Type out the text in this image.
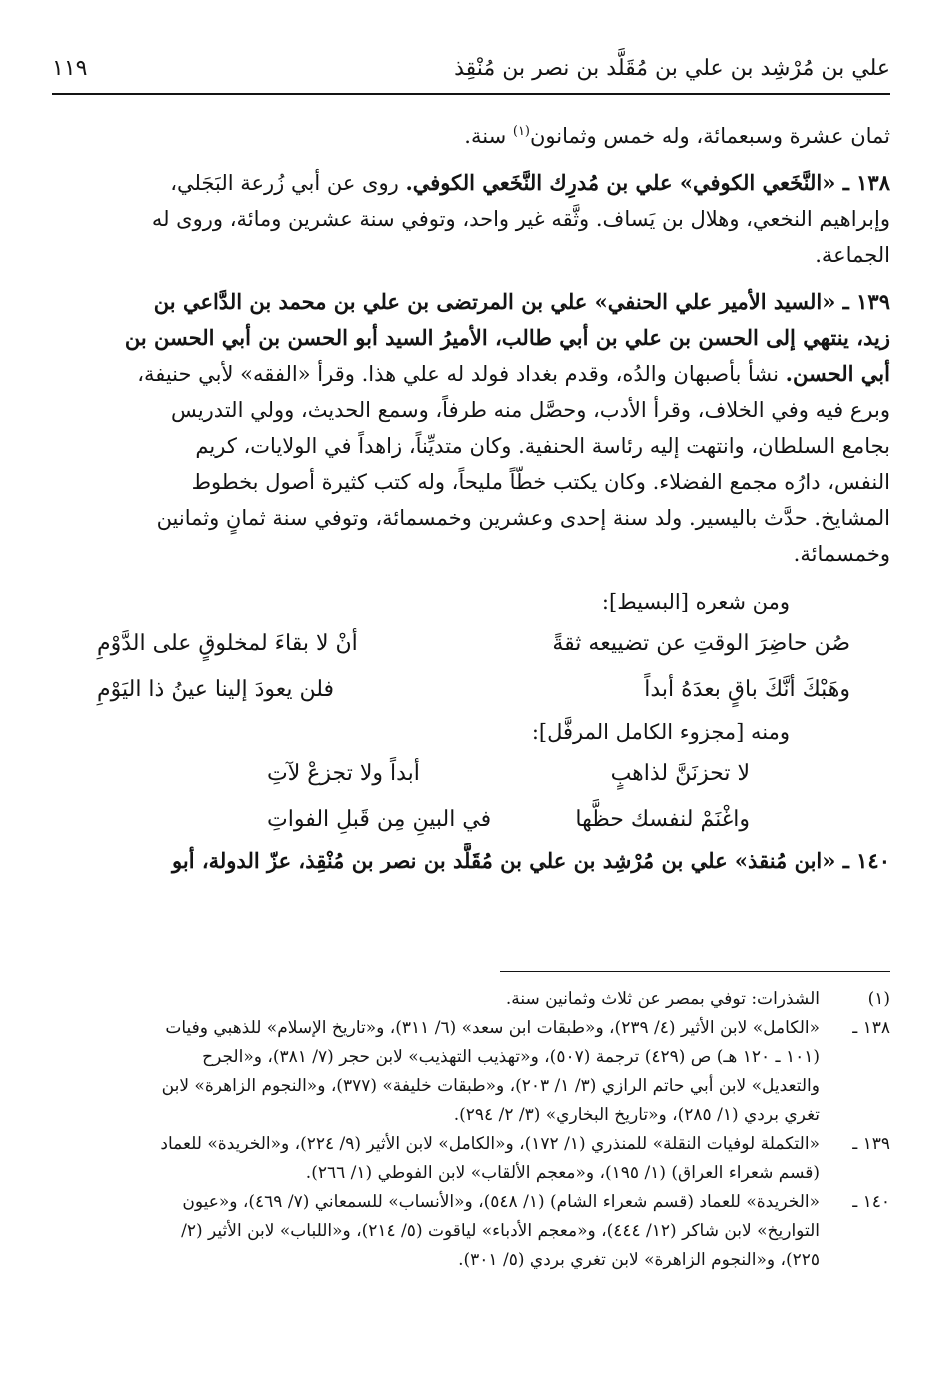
علي بن مُرْشِد بن علي بن مُقَلَّد بن نصر بن مُنْقِذ
١١٩

ثمان عشرة وسبعمائة، وله خمس وثمانون$^{(١)}$ سنة.

١٣٨ ـ «النَّخَعي الكوفي» علي بن مُدرِك النَّخَعي الكوفي. روى عن أبي زُرعة البَجَلي،

وإبراهيم النخعي، وهلال بن يَساف. وثَّقه غير واحد، وتوفي سنة عشرين ومائة، وروى له

الجماعة.

١٣٩ ـ «السيد الأمير علي الحنفي» علي بن المرتضى بن علي بن محمد بن الدَّاعي بن

زيد، ينتهي إلى الحسن بن علي بن أبي طالب، الأميرُ السيد أبو الحسن بن أبي الحسن بن

أبي الحسن. نشأ بأصبهان والدُه، وقدم بغداد فولد له علي هذا. وقرأ «الفقه» لأبي حنيفة،

وبرع فيه وفي الخلاف، وقرأ الأدب، وحصَّل منه طرفاً، وسمع الحديث، وولي التدريس

بجامع السلطان، وانتهت إليه رئاسة الحنفية. وكان متديِّناً، زاهداً في الولايات، كريم

النفس، دارُه مجمع الفضلاء. وكان يكتب خطّاً مليحاً، وله كتب كثيرة أصول بخطوط

المشايخ. حدَّث باليسير. ولد سنة إحدى وعشرين وخمسمائة، وتوفي سنة ثمانٍ وثمانين

وخمسمائة.

ومن شعره [البسيط]:
صُن حاضِرَ الوقتِ عن تضييعه ثقةً
أنْ لا بقاءَ لمخلوقٍ على الدَّوْمِ
وهَبْكَ أنَّكَ باقٍ بعدَهُ أبداً
فلن يعودَ إلينا عينُ ذا اليَوْمِ
ومنه [مجزوء الكامل المرفَّل]:
لا تحزنَنَّ لذاهبٍ
أبداً ولا تجزعْ لآتِ
واغْنَمْ لنفسك حظَّها
في البينِ مِن قَبلِ الفواتِ

١٤٠ ـ «ابن مُنقذ» علي بن مُرْشِد بن علي بن مُقَلَّد بن نصر بن مُنْقِذ، عزّ الدولة، أبو

(١)
الشذرات: توفي بمصر عن ثلاث وثمانين سنة.
١٣٨ ـ
«الكامل» لابن الأثير (٤/ ٢٣٩)، و«طبقات ابن سعد» (٦/ ٣١١)، و«تاريخ الإسلام» للذهبي وفيات
(١٠١ ـ ١٢٠ هـ) ص (٤٢٩) ترجمة (٥٠٧)، و«تهذيب التهذيب» لابن حجر (٧/ ٣٨١)، و«الجرح
والتعديل» لابن أبي حاتم الرازي (٣/ ١/ ٢٠٣)، و«طبقات خليفة» (٣٧٧)، و«النجوم الزاهرة» لابن
تغري بردي (١/ ٢٨٥)، و«تاريخ البخاري» (٣/ ٢/ ٢٩٤).
١٣٩ ـ
«التكملة لوفيات النقلة» للمنذري (١/ ١٧٢)، و«الكامل» لابن الأثير (٩/ ٢٢٤)، و«الخريدة» للعماد
(قسم شعراء العراق) (١/ ١٩٥)، و«معجم الألقاب» لابن الفوطي (١/ ٢٦٦).
١٤٠ ـ
«الخريدة» للعماد (قسم شعراء الشام) (١/ ٥٤٨)، و«الأنساب» للسمعاني (٧/ ٤٦٩)، و«عيون
التواريخ» لابن شاكر (١٢/ ٤٤٤)، و«معجم الأدباء» لياقوت (٥/ ٢١٤)، و«اللباب» لابن الأثير (٢/
٢٢٥)، و«النجوم الزاهرة» لابن تغري بردي (٥/ ٣٠١).
